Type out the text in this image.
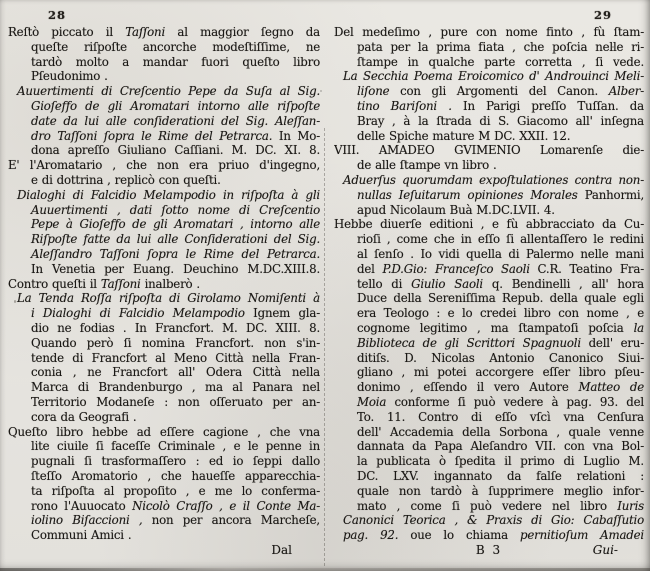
28
Reſtò piccato il Taſſoni al maggior ſegno da
queſte riſpoſte ancorche modeſtiſſime, ne
tardò molto a mandar fuori queſto libro
Pſeudonimo .
Auuertimenti di Creſcentio Pepe da Suſa al Sig.
Gioſeffo de gli Aromatari intorno alle riſpoſte
date da lui alle conſiderationi del Sig. Aleſſan-
dro Taſſoni ſopra le Rime del Petrarca. In Mo-
dona apreſſo Giuliano Caſſiani. M. DC. XI. 8.
E' l'Aromatario , che non era priuo d'ingegno,
e di dottrina , replicò con queſti.
Dialoghi di Falcidio Melampodio in riſpoſta à gli
Auuertimenti , dati ſotto nome di Creſcentio
Pepe à Gioſeffo de gli Aromatari , intorno alle
Riſpoſte fatte da lui alle Conſiderationi del Sig.
Aleſſandro Taſſoni ſopra le Rime del Petrarca.
In Venetia per Euang. Deuchino M.DC.XIII.8.
Contro queſti il Taſſoni inalberò .
La Tenda Roſſa riſpoſta di Girolamo Nomiſenti à
i Dialoghi di Falcidio Melampodio Ignem gla-
dio ne fodias . In Francfort. M. DC. XIII. 8.
Quando però ſi nomina Francfort. non s'in-
tende di Francfort al Meno Città nella Fran-
conia , ne Francfort all' Odera Città nella
Marca di Brandenburgo , ma al Panara nel
Territorio Modaneſe : non oſſeruato per an-
cora da Geografi .
Queſto libro hebbe ad eſſere cagione , che vna
lite ciuile ſi faceſſe Criminale , e le penne in
pugnali ſi trasformaſſero : ed io ſeppi dallo
ſteſſo Aromatorio , che haueſſe apparecchia-
ta riſpoſta al propoſito , e me lo conferma-
rono l'Auuocato Nicolò Craſſo , e il Conte Ma-
iolino Biſaccioni , non per ancora Marcheſe,
Communi Amici .
Dal
29
Del medeſimo , pure con nome finto , fù ſtam-
pata per la prima fiata , che poſcia nelle ri-
ſtampe in qualche parte corretta , ſi vede.
La Secchia Poema Eroicomico d' Androuinci Meli-
liſone con gli Argomenti del Canon. Alber-
tino Bariſoni . In Parigi preſſo Tuſſan. da
Bray , à la ſtrada di S. Giacomo all' inſegna
delle Spiche mature M DC. XXII. 12.
VIII. AMADEO GVIMENIO Lomarenſe die-
de alle ſtampe vn libro .
Aduerſus quorumdam expoſtulationes contra non-
nullas Ieſuitarum opiniones Morales Panhormi,
apud Nicolaum Buà M.DC.LVII. 4.
Hebbe diuerſe editioni , e fù abbracciato da Cu-
rioſi , come che in eſſo ſi allentaſſero le redini
al ſenſo . Io vidi quella di Palermo nelle mani
del P.D.Gio: Franceſco Saoli C.R. Teatino Fra-
tello di Giulio Saoli q. Bendinelli , all' hora
Duce della Sereniſſima Repub. della quale egli
era Teologo : e lo credei libro con nome , e
cognome legitimo , ma ſtampatoſi poſcia la
Biblioteca de gli Scrittori Spagnuoli dell' eru-
ditiſs. D. Nicolas Antonio Canonico Siui-
gliano , mi potei accorgere eſſer libro pſeu-
donimo , eſſendo il vero Autore Matteo de
Moia conforme ſi può vedere à pag. 93. del
To. 11. Contro di eſſo vſcì vna Cenſura
dell' Accademia della Sorbona , quale venne
dannata da Papa Aleſandro VII. con vna Bol-
la publicata ò ſpedita il primo di Luglio M.
DC. LXV. ingannato da falſe relationi :
quale non tardò à ſupprimere meglio infor-
mato , come ſi può vedere nel libro Iuris
Canonici Teorica , & Praxis di Gio: Cabaſſutio
pag. 92. oue lo chiama pernitioſum Amadei
B 3	Gui-
